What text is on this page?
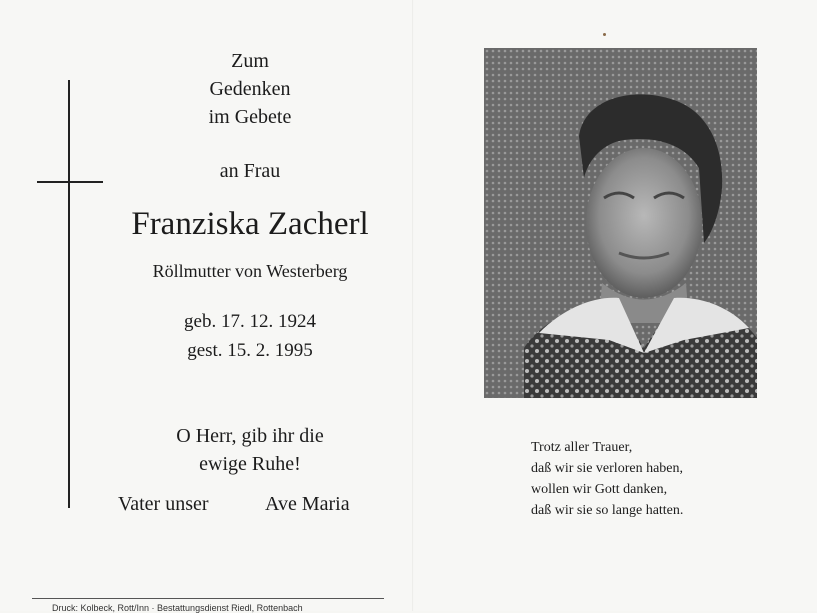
Zum
Gedenken
im Gebete
an Frau
Franziska Zacherl
Röllmutter von Westerberg
geb. 17. 12. 1924
gest. 15. 2. 1995
O Herr, gib ihr die
ewige Ruhe!
Vater unser	Ave Maria
Druck: Kolbeck, Rott/Inn · Bestattungsdienst Riedl, Rottenbach
Trotz aller Trauer,
daß wir sie verloren haben,
wollen wir Gott danken,
daß wir sie so lange hatten.
